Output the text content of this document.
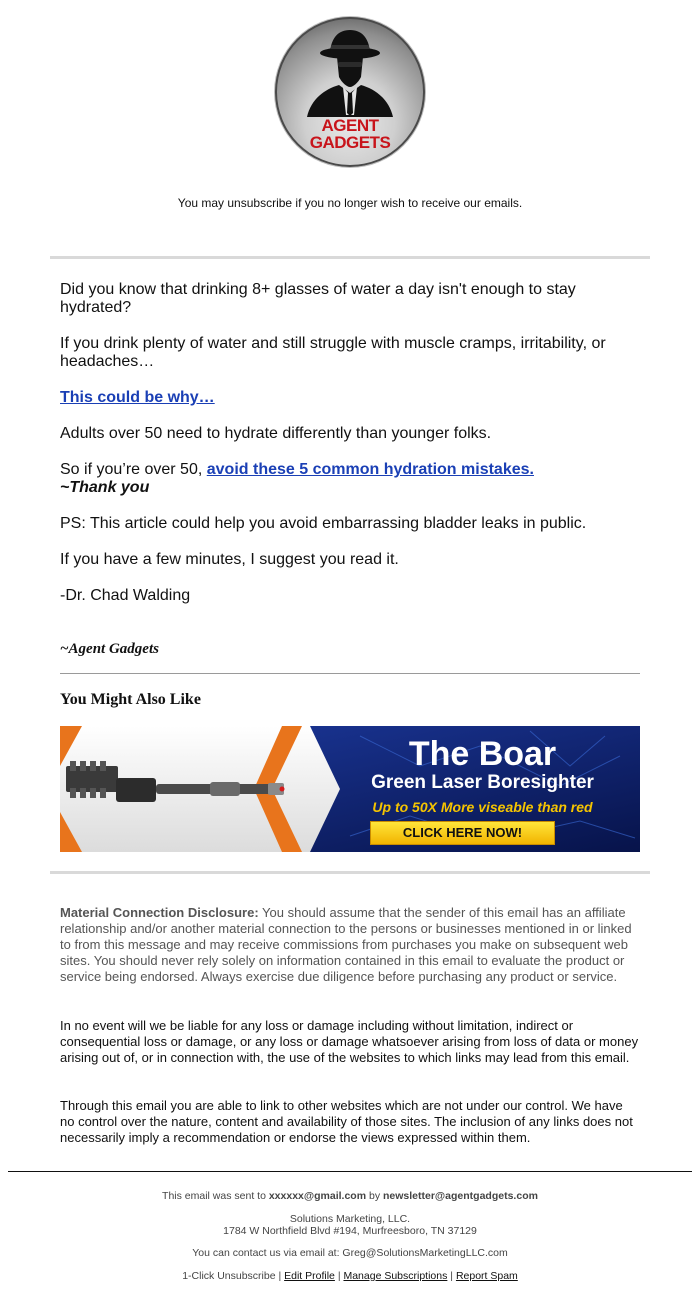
AGENT
GADGETS
You may unsubscribe if you no longer wish to receive our emails.
Did you know that drinking 8+ glasses of water a day isn't enough to stay hydrated?
If you drink plenty of water and still struggle with muscle cramps, irritability, or headaches…
This could be why…
Adults over 50 need to hydrate differently than younger folks.
So if you’re over 50, avoid these 5 common hydration mistakes.
~Thank you
PS: This article could help you avoid embarrassing bladder leaks in public.
If you have a few minutes, I suggest you read it.
-Dr. Chad Walding
~Agent Gadgets
You Might Also Like
The Boar
Green Laser Boresighter
Up to 50X More viseable than red
CLICK HERE NOW!
Material Connection Disclosure: You should assume that the sender of this email has an affiliate relationship and/or another material connection to the persons or businesses mentioned in or linked to from this message and may receive commissions from purchases you make on subsequent web sites. You should never rely solely on information contained in this email to evaluate the product or service being endorsed. Always exercise due diligence before purchasing any product or service.
In no event will we be liable for any loss or damage including without limitation, indirect or consequential loss or damage, or any loss or damage whatsoever arising from loss of data or money arising out of, or in connection with, the use of the websites to which links may lead from this email.
Through this email you are able to link to other websites which are not under our control. We have no control over the nature, content and availability of those sites. The inclusion of any links does not necessarily imply a recommendation or endorse the views expressed within them.
This email was sent to xxxxxx@gmail.com by newsletter@agentgadgets.com
Solutions Marketing, LLC.
1784 W Northfield Blvd #194, Murfreesboro, TN 37129
You can contact us via email at: Greg@SolutionsMarketingLLC.com
1-Click Unsubscribe | Edit Profile | Manage Subscriptions | Report Spam
